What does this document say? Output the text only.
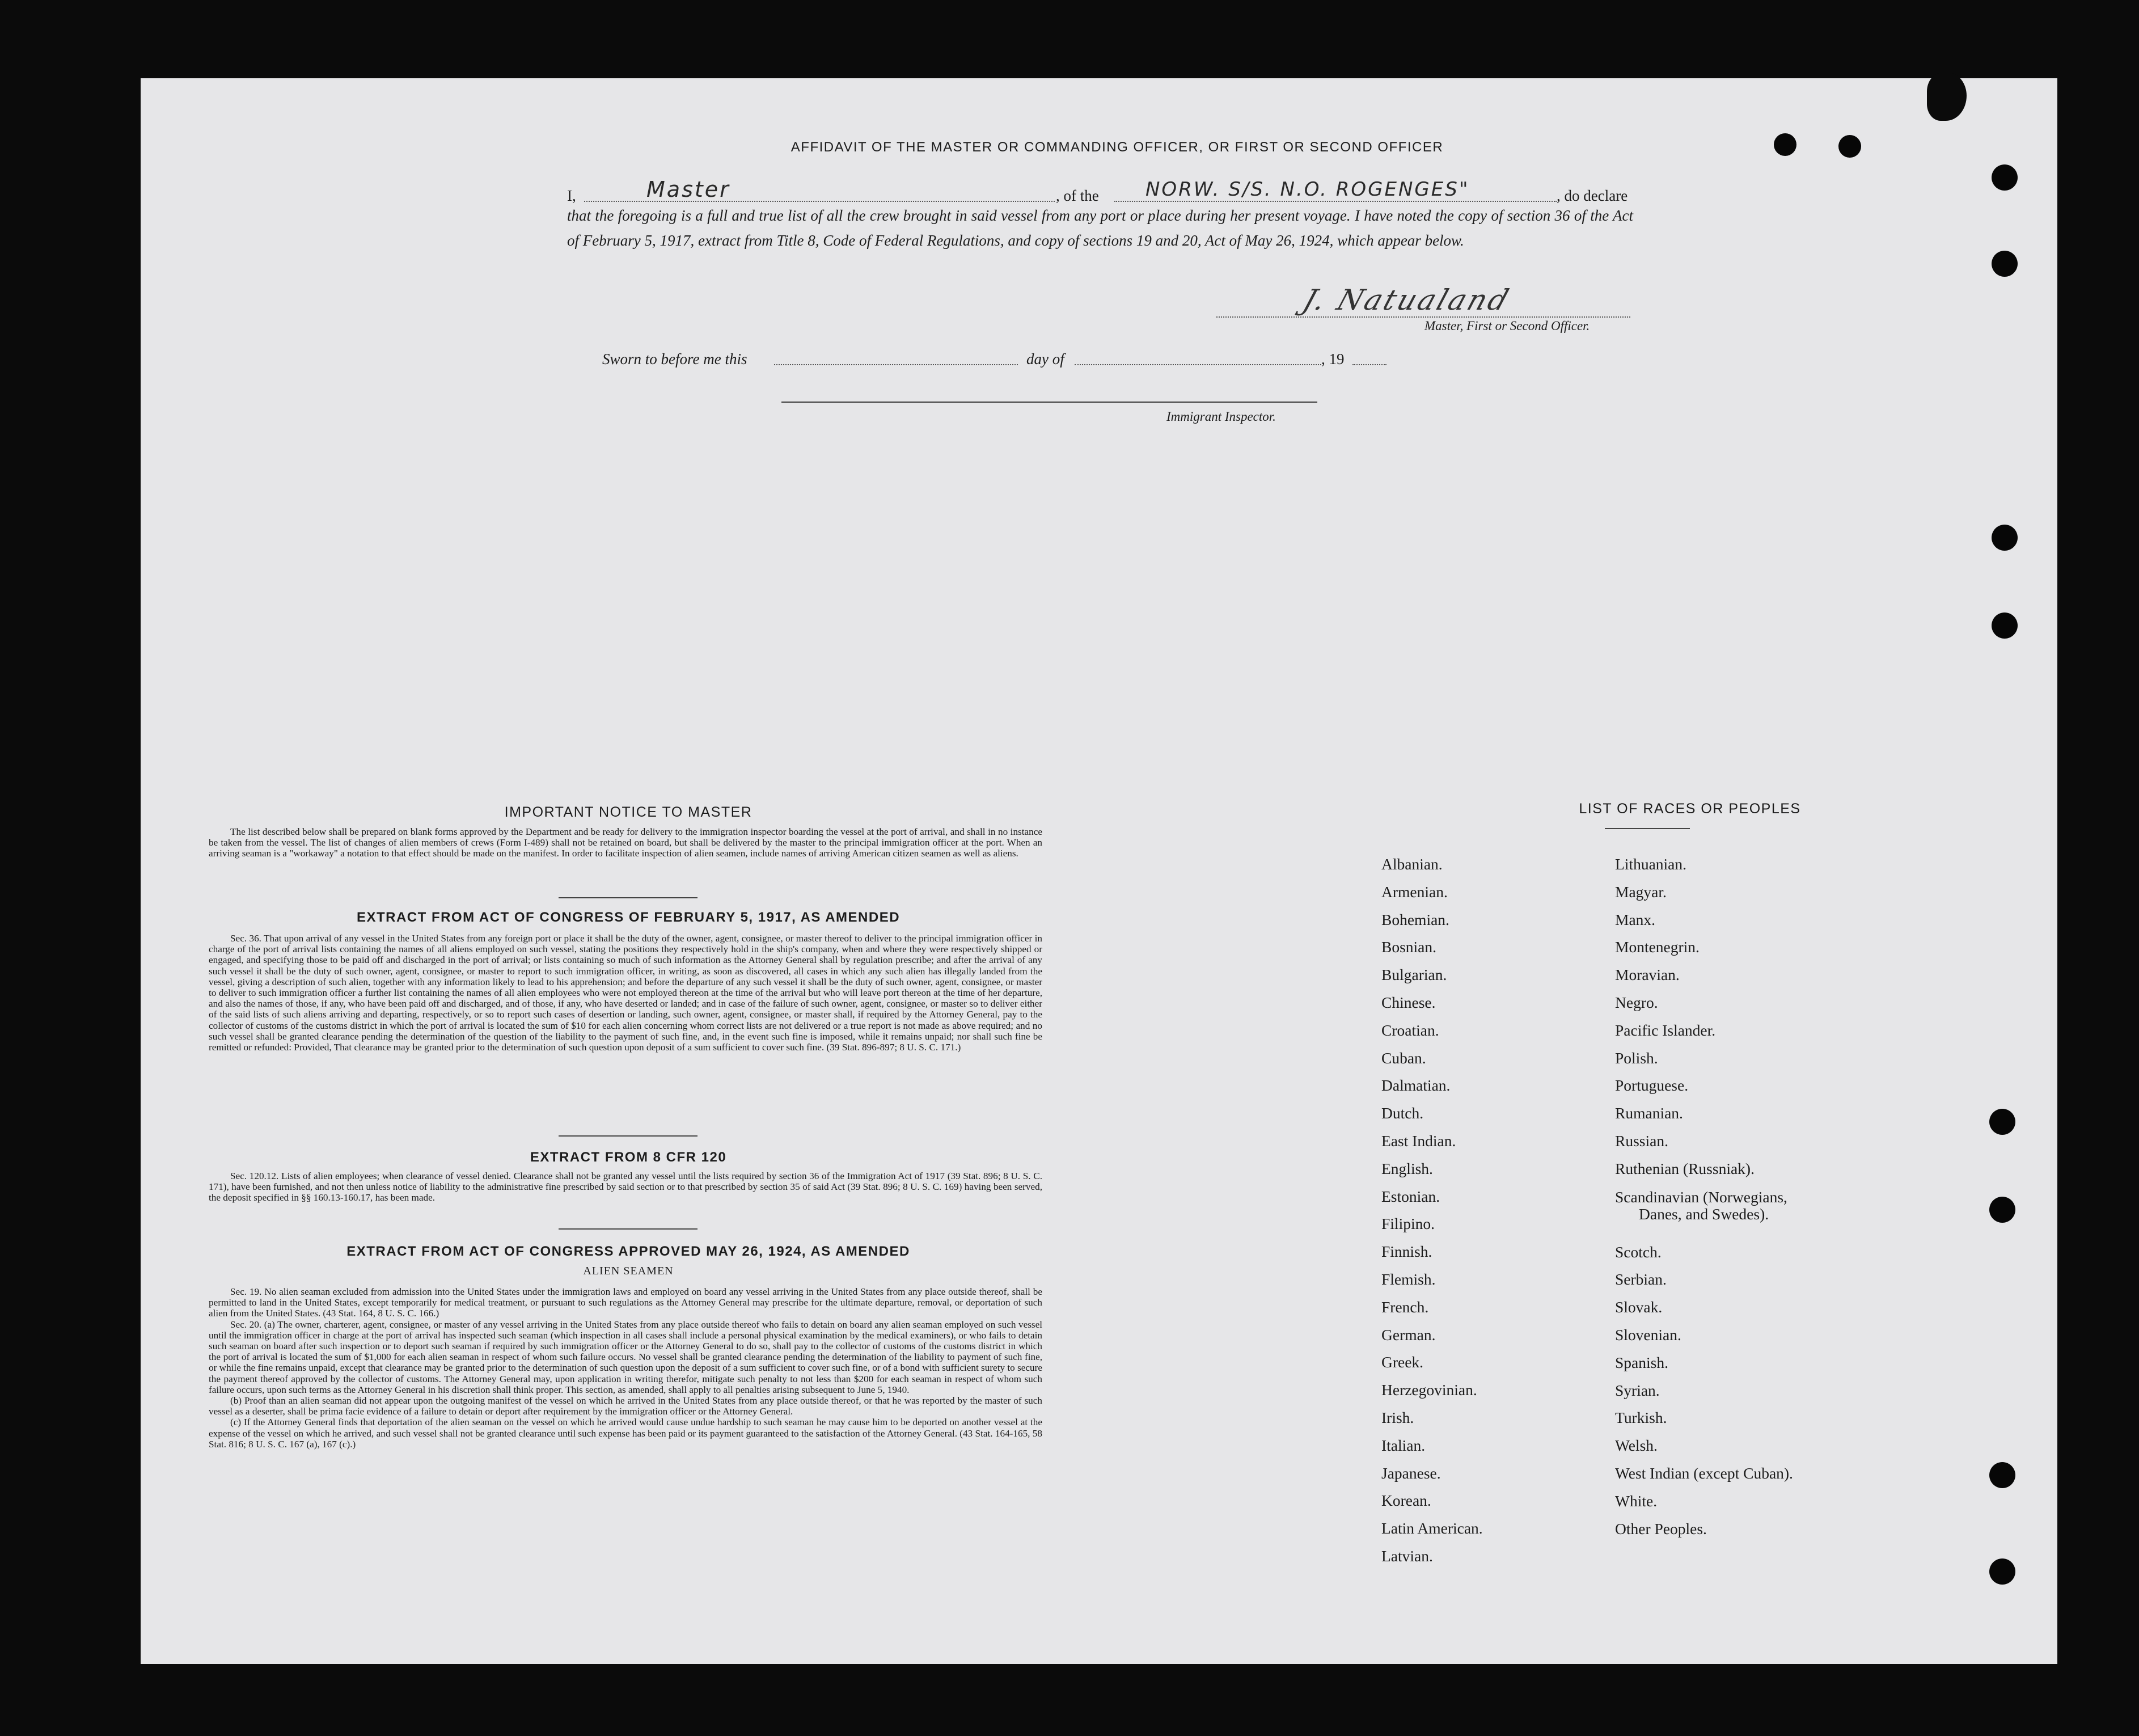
AFFIDAVIT OF THE MASTER OR COMMANDING OFFICER, OR FIRST OR SECOND OFFICER
I,	Master	, of the NORW. S/S. N.O. ROGENGES"	, do declare
that the foregoing is a full and true list of all the crew brought in said vessel from any port or place during her present voyage. I have noted the copy of section 36 of the Act of February 5, 1917, extract from Title 8, Code of Federal Regulations, and copy of sections 19 and 20, Act of May 26, 1924, which appear below.
J. Natualand
Master, First or Second Officer.
Sworn to before me this	day of	, 19
Immigrant Inspector.
IMPORTANT NOTICE TO MASTER

The list described below shall be prepared on blank forms approved by the Department and be ready for delivery to the immigration inspector boarding the vessel at the port of arrival, and shall in no instance be taken from the vessel. The list of changes of alien members of crews (Form I-489) shall not be retained on board, but shall be delivered by the master to the principal immigration officer at the port. When an arriving seaman is a "workaway" a notation to that effect should be made on the manifest. In order to facilitate inspection of alien seamen, include names of arriving American citizen seamen as well as aliens.

EXTRACT FROM ACT OF CONGRESS OF FEBRUARY 5, 1917, AS AMENDED

Sec. 36. That upon arrival of any vessel in the United States from any foreign port or place it shall be the duty of the owner, agent, consignee, or master thereof to deliver to the principal immigration officer in charge of the port of arrival lists containing the names of all aliens employed on such vessel, stating the positions they respectively hold in the ship's company, when and where they were respectively shipped or engaged, and specifying those to be paid off and discharged in the port of arrival; or lists containing so much of such information as the Attorney General shall by regulation prescribe; and after the arrival of any such vessel it shall be the duty of such owner, agent, consignee, or master to report to such immigration officer, in writing, as soon as discovered, all cases in which any such alien has illegally landed from the vessel, giving a description of such alien, together with any information likely to lead to his apprehension; and before the departure of any such vessel it shall be the duty of such owner, agent, consignee, or master to deliver to such immigration officer a further list containing the names of all alien employees who were not employed thereon at the time of the arrival but who will leave port thereon at the time of her departure, and also the names of those, if any, who have been paid off and discharged, and of those, if any, who have deserted or landed; and in case of the failure of such owner, agent, consignee, or master so to deliver either of the said lists of such aliens arriving and departing, respectively, or so to report such cases of desertion or landing, such owner, agent, consignee, or master shall, if required by the Attorney General, pay to the collector of customs of the customs district in which the port of arrival is located the sum of $10 for each alien concerning whom correct lists are not delivered or a true report is not made as above required; and no such vessel shall be granted clearance pending the determination of the question of the liability to the payment of such fine, and, in the event such fine is imposed, while it remains unpaid; nor shall such fine be remitted or refunded: Provided, That clearance may be granted prior to the determination of such question upon deposit of a sum sufficient to cover such fine. (39 Stat. 896-897; 8 U. S. C. 171.)

EXTRACT FROM 8 CFR 120

Sec. 120.12. Lists of alien employees; when clearance of vessel denied. Clearance shall not be granted any vessel until the lists required by section 36 of the Immigration Act of 1917 (39 Stat. 896; 8 U. S. C. 171), have been furnished, and not then unless notice of liability to the administrative fine prescribed by said section or to that prescribed by section 35 of said Act (39 Stat. 896; 8 U. S. C. 169) having been served, the deposit specified in §§ 160.13-160.17, has been made.

EXTRACT FROM ACT OF CONGRESS APPROVED MAY 26, 1924, AS AMENDED
ALIEN SEAMEN

Sec. 19. No alien seaman excluded from admission into the United States under the immigration laws and employed on board any vessel arriving in the United States from any place outside thereof, shall be permitted to land in the United States, except temporarily for medical treatment, or pursuant to such regulations as the Attorney General may prescribe for the ultimate departure, removal, or deportation of such alien from the United States. (43 Stat. 164, 8 U. S. C. 166.)

Sec. 20. (a) The owner, charterer, agent, consignee, or master of any vessel arriving in the United States from any place outside thereof who fails to detain on board any alien seaman employed on such vessel until the immigration officer in charge at the port of arrival has inspected such seaman (which inspection in all cases shall include a personal physical examination by the medical examiners), or who fails to detain such seaman on board after such inspection or to deport such seaman if required by such immigration officer or the Attorney General to do so, shall pay to the collector of customs of the customs district in which the port of arrival is located the sum of $1,000 for each alien seaman in respect of whom such failure occurs. No vessel shall be granted clearance pending the determination of the liability to payment of such fine, or while the fine remains unpaid, except that clearance may be granted prior to the determination of such question upon the deposit of a sum sufficient to cover such fine, or of a bond with sufficient surety to secure the payment thereof approved by the collector of customs. The Attorney General may, upon application in writing therefor, mitigate such penalty to not less than $200 for each seaman in respect of whom such failure occurs, upon such terms as the Attorney General in his discretion shall think proper. This section, as amended, shall apply to all penalties arising subsequent to June 5, 1940.

(b) Proof than an alien seaman did not appear upon the outgoing manifest of the vessel on which he arrived in the United States from any place outside thereof, or that he was reported by the master of such vessel as a deserter, shall be prima facie evidence of a failure to detain or deport after requirement by the immigration officer or the Attorney General.

(c) If the Attorney General finds that deportation of the alien seaman on the vessel on which he arrived would cause undue hardship to such seaman he may cause him to be deported on another vessel at the expense of the vessel on which he arrived, and such vessel shall not be granted clearance until such expense has been paid or its payment guaranteed to the satisfaction of the Attorney General. (43 Stat. 164-165, 58 Stat. 816; 8 U. S. C. 167 (a), 167 (c).)

LIST OF RACES OR PEOPLES
Albanian.
Armenian.
Bohemian.
Bosnian.
Bulgarian.
Chinese.
Croatian.
Cuban.
Dalmatian.
Dutch.
East Indian.
English.
Estonian.
Filipino.
Finnish.
Flemish.
French.
German.
Greek.
Herzegovinian.
Irish.
Italian.
Japanese.
Korean.
Latin American.
Latvian.
Lithuanian.
Magyar.
Manx.
Montenegrin.
Moravian.
Negro.
Pacific Islander.
Polish.
Portuguese.
Rumanian.
Russian.
Ruthenian (Russniak).
Scandinavian (Norwegians,
Danes, and Swedes).
Scotch.
Serbian.
Slovak.
Slovenian.
Spanish.
Syrian.
Turkish.
Welsh.
West Indian (except Cuban).
White.
Other Peoples.
